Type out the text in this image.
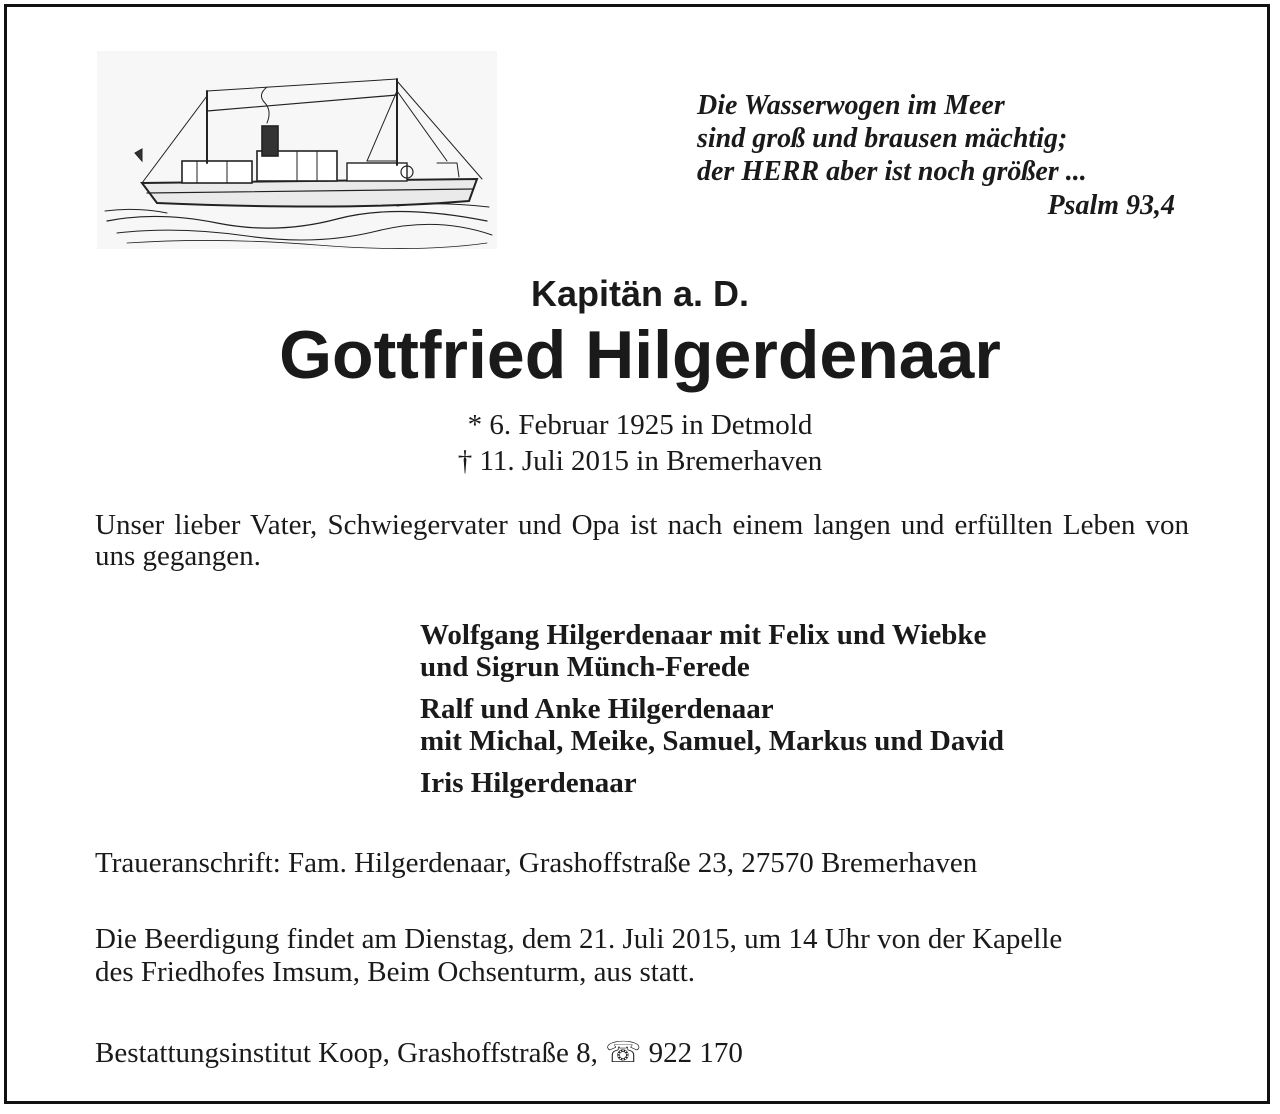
Die Wasserwogen im Meer
sind groß und brausen mächtig;
der HERR aber ist noch größer ...
Psalm 93,4
Kapitän a. D.
Gottfried Hilgerdenaar
* 6. Februar 1925 in Detmold
† 11. Juli 2015 in Bremerhaven
Unser lieber Vater, Schwiegervater und Opa ist nach einem langen und erfüllten Leben von uns gegangen.
Wolfgang Hilgerdenaar mit Felix und Wiebke
und Sigrun Münch-Ferede
Ralf und Anke Hilgerdenaar
mit Michal, Meike, Samuel, Markus und David
Iris Hilgerdenaar
Traueranschrift: Fam. Hilgerdenaar, Grashoffstraße 23, 27570 Bremerhaven
Die Beerdigung findet am Dienstag, dem 21. Juli 2015, um 14 Uhr von der Kapelle
des Friedhofes Imsum, Beim Ochsenturm, aus statt.
Bestattungsinstitut Koop, Grashoffstraße 8, ☏ 922 170
